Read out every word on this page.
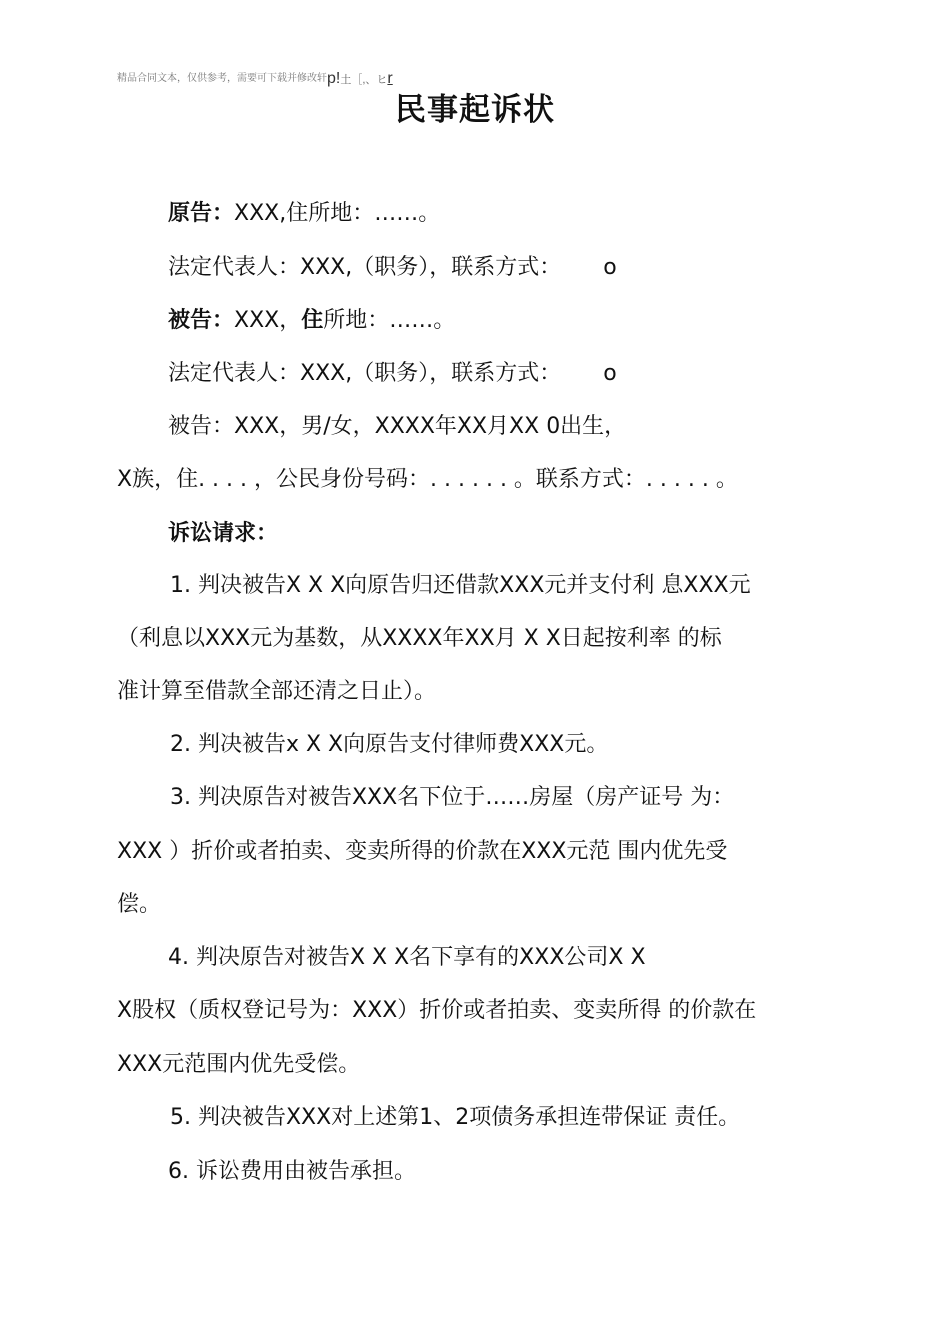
精品合同文本，仅供参考，需要可下载并修改轩p!土［,、ヒr
民事起诉状
原告：XXX,住所地：……。
法定代表人：XXX,（职务），联系方式： o
被告：XXX，住所地：……。
法定代表人：XXX,（职务），联系方式： o
被告：XXX，男/女，XXXX年XX月XX 0出生，
X族，住. . . . ，公民身份号码：. . . . . . 。联系方式：. . . . . 。
诉讼请求：
1. 判决被告X X X向原告归还借款XXX元并支付利 息XXX元
（利息以XXX元为基数，从XXXX年XX月 X X日起按利率 的标
准计算至借款全部还清之日止）。
2. 判决被告x X X向原告支付律师费XXX元。
3. 判决原告对被告XXX名下位于……房屋（房产证号 为：
XXX ）折价或者拍卖、变卖所得的价款在XXX元范 围内优先受
偿。
4. 判决原告对被告X X X名下享有的XXX公司X X
X股权（质权登记号为：XXX）折价或者拍卖、变卖所得 的价款在
XXX元范围内优先受偿。
5. 判决被告XXX对上述第1、2项债务承担连带保证 责任。
6. 诉讼费用由被告承担。
